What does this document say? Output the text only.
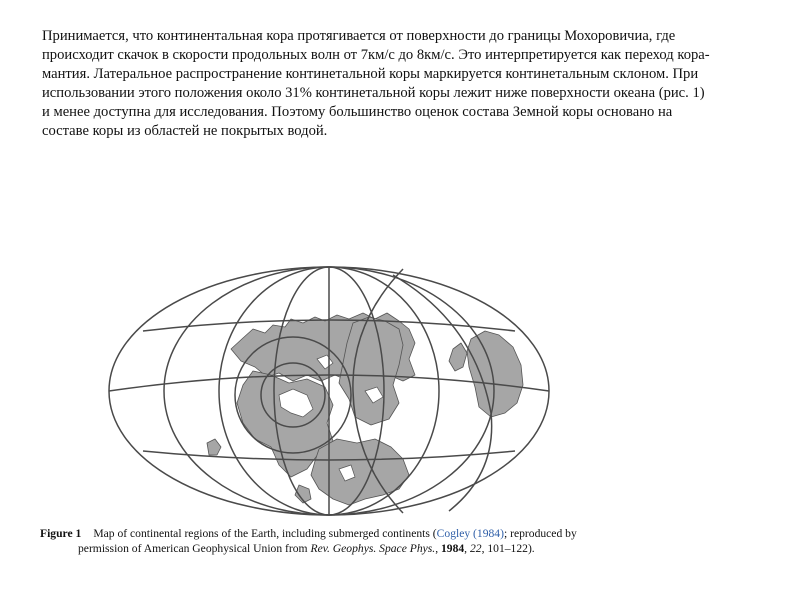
Принимается, что континентальная кора протягивается от поверхности до границы Мохоровичиа, где
происходит скачок в скорости продольных волн от 7км/с до 8км/с. Это интерпретируется как переход кора-
мантия. Латеральное распространение континетальной коры маркируется континетальным склоном. При
использовании этого положения около 31% континетальной коры лежит ниже поверхности океана (рис. 1)
и менее доступна для исследования. Поэтому большинство оценок состава Земной коры основано на
составе коры из областей не покрытых водой.

Figure 1 Map of continental regions of the Earth, including submerged continents (Cogley (1984); reproduced by
permission of American Geophysical Union from Rev. Geophys. Space Phys., 1984, 22, 101–122).
